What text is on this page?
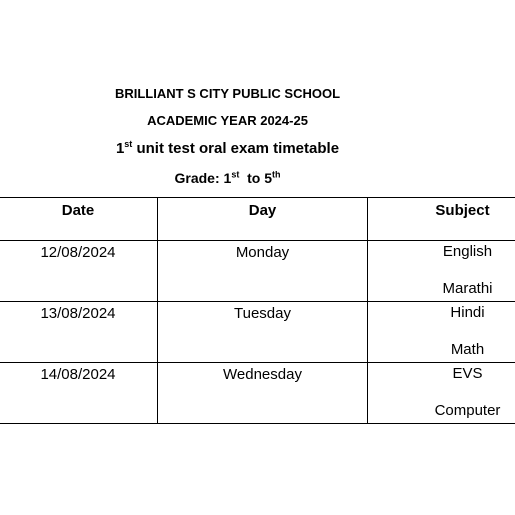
BRILLIANT S CITY PUBLIC SCHOOL
ACADEMIC YEAR 2024-25
1st unit test oral exam timetable
Grade: 1st  to 5th
Date	Day	Subject
12/08/2024	Monday	English
Marathi

13/08/2024	Tuesday	Hindi
Math

14/08/2024	Wednesday	EVS
Computer
